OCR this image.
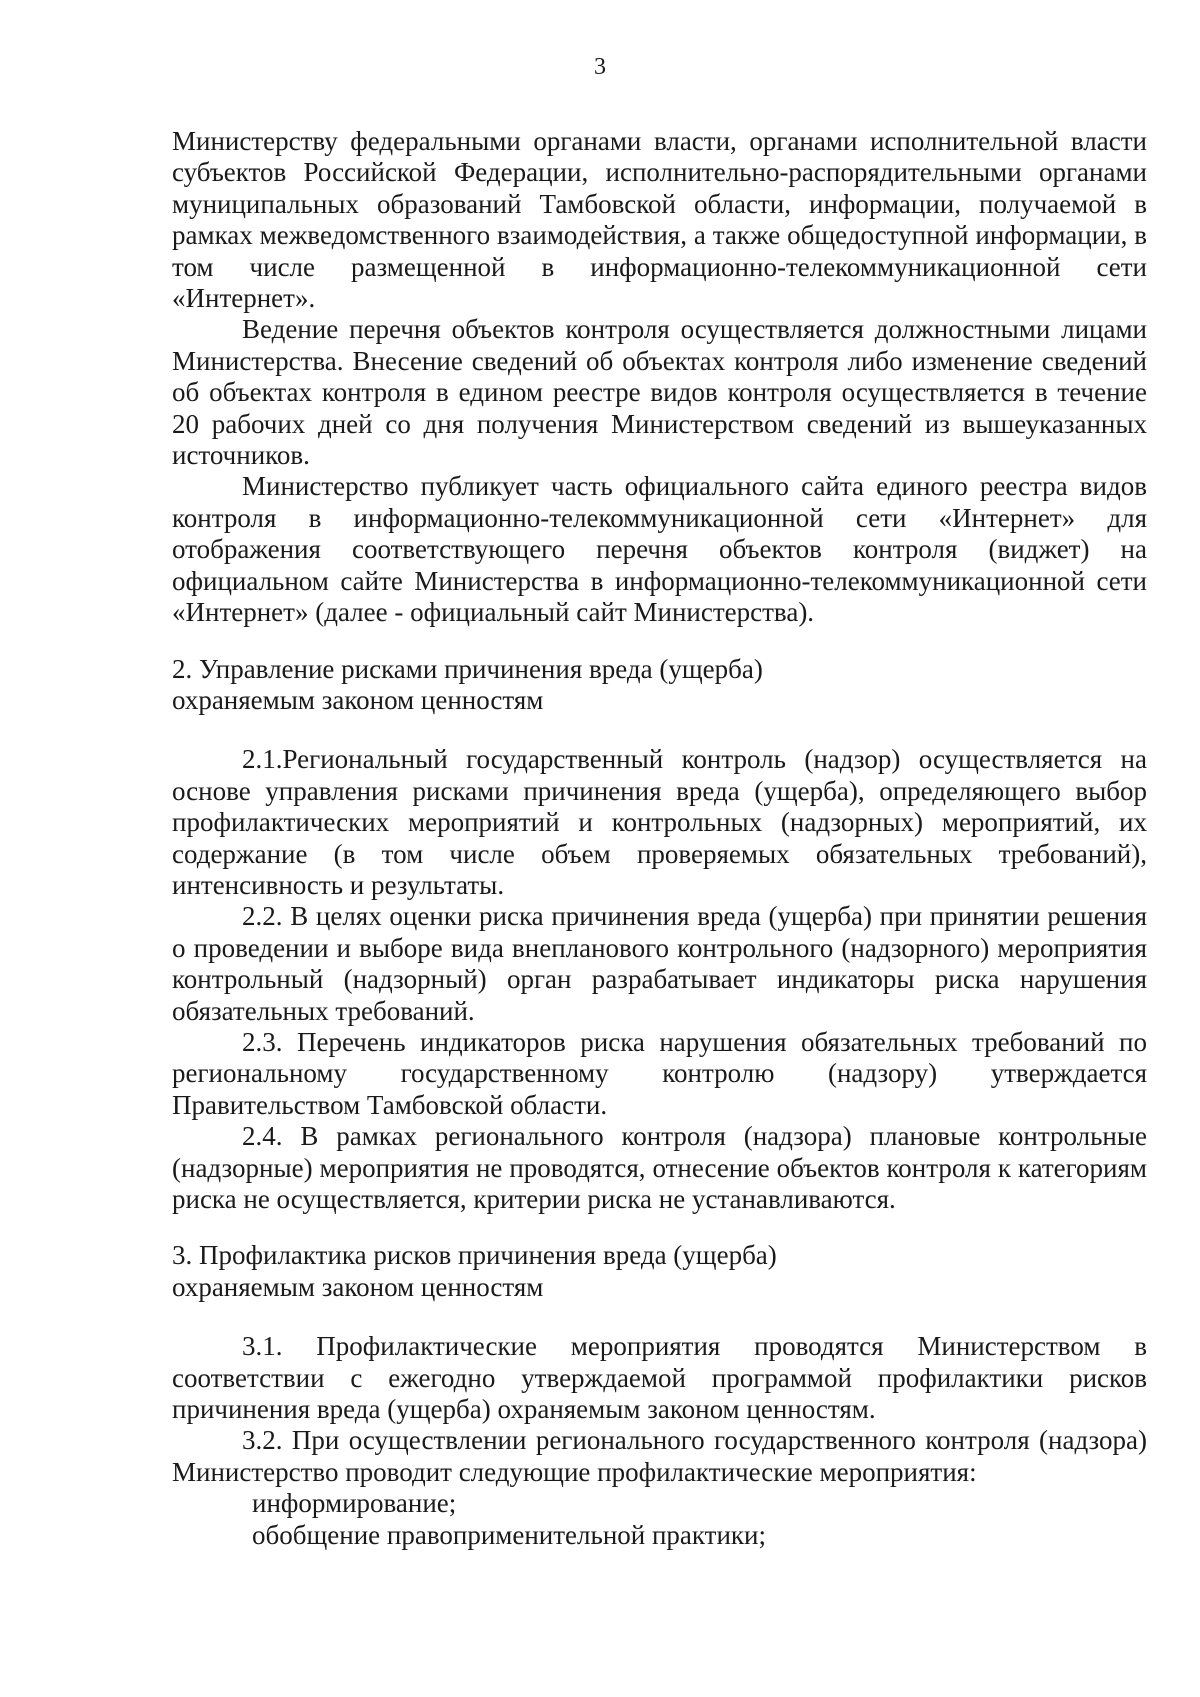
3

Министерству федеральными органами власти, органами исполнительной власти субъектов Российской Федерации, исполнительно-распорядительными органами муниципальных образований Тамбовской области, информации, получаемой в рамках межведомственного взаимодействия, а также общедоступной информации, в том числе размещенной в информационно-телекоммуникационной сети «Интернет».

Ведение перечня объектов контроля осуществляется должностными лицами Министерства. Внесение сведений об объектах контроля либо изменение сведений об объектах контроля в едином реестре видов контроля осуществляется в течение 20 рабочих дней со дня получения Министерством сведений из вышеуказанных источников.

Министерство публикует часть официального сайта единого реестра видов контроля в информационно-телекоммуникационной сети «Интернет» для отображения соответствующего перечня объектов контроля (виджет) на официальном сайте Министерства в информационно-телекоммуникационной сети «Интернет» (далее - официальный сайт Министерства).

2. Управление рисками причинения вреда (ущерба)

охраняемым законом ценностям

2.1.Региональный государственный контроль (надзор) осуществляется на основе управления рисками причинения вреда (ущерба), определяющего выбор профилактических мероприятий и контрольных (надзорных) мероприятий, их содержание (в том числе объем проверяемых обязательных требований), интенсивность и результаты.

2.2. В целях оценки риска причинения вреда (ущерба) при принятии решения о проведении и выборе вида внепланового контрольного (надзорного) мероприятия контрольный (надзорный) орган разрабатывает индикаторы риска нарушения обязательных требований.

2.3. Перечень индикаторов риска нарушения обязательных требований по региональному государственному контролю (надзору) утверждается Правительством Тамбовской области.

2.4. В рамках регионального контроля (надзора) плановые контрольные (надзорные) мероприятия не проводятся, отнесение объектов контроля к категориям риска не осуществляется, критерии риска не устанавливаются.

3. Профилактика рисков причинения вреда (ущерба)

охраняемым законом ценностям

3.1. Профилактические мероприятия проводятся Министерством в соответствии с ежегодно утверждаемой программой профилактики рисков причинения вреда (ущерба) охраняемым законом ценностям.

3.2. При осуществлении регионального государственного контроля (надзора) Министерство проводит следующие профилактические мероприятия:

информирование;

обобщение правоприменительной практики;
